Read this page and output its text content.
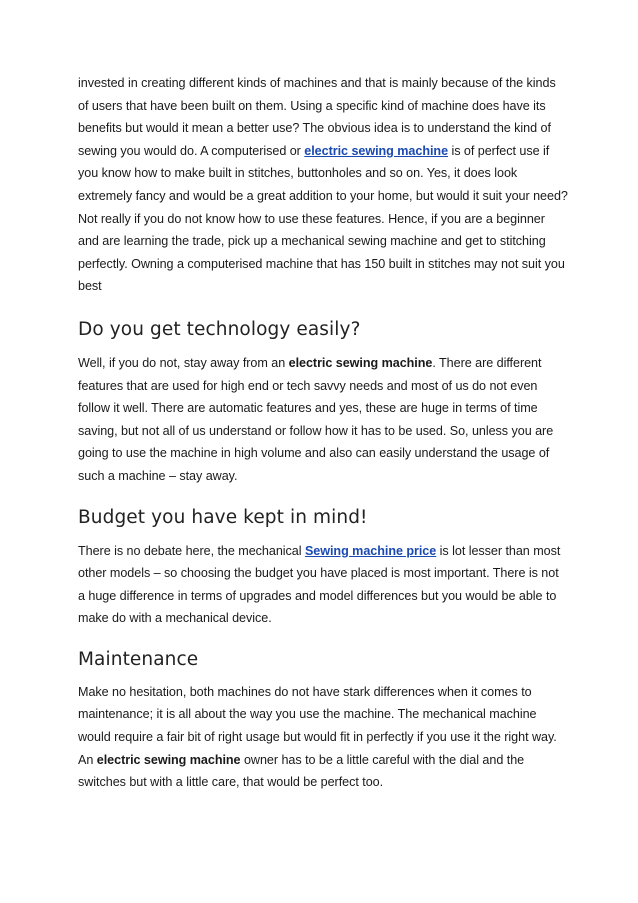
invested in creating different kinds of machines and that is mainly because of the kinds of users that have been built on them. Using a specific kind of machine does have its benefits but would it mean a better use? The obvious idea is to understand the kind of sewing you would do. A computerised or electric sewing machine is of perfect use if you know how to make built in stitches, buttonholes and so on. Yes, it does look extremely fancy and would be a great addition to your home, but would it suit your need? Not really if you do not know how to use these features. Hence, if you are a beginner and are learning the trade, pick up a mechanical sewing machine and get to stitching perfectly. Owning a computerised machine that has 150 built in stitches may not suit you best

Do you get technology easily?

Well, if you do not, stay away from an electric sewing machine. There are different features that are used for high end or tech savvy needs and most of us do not even follow it well. There are automatic features and yes, these are huge in terms of time saving, but not all of us understand or follow how it has to be used. So, unless you are going to use the machine in high volume and also can easily understand the usage of such a machine – stay away.

Budget you have kept in mind!

There is no debate here, the mechanical Sewing machine price is lot lesser than most other models – so choosing the budget you have placed is most important. There is not a huge difference in terms of upgrades and model differences but you would be able to make do with a mechanical device.

Maintenance

Make no hesitation, both machines do not have stark differences when it comes to maintenance; it is all about the way you use the machine. The mechanical machine would require a fair bit of right usage but would fit in perfectly if you use it the right way. An electric sewing machine owner has to be a little careful with the dial and the switches but with a little care, that would be perfect too.
